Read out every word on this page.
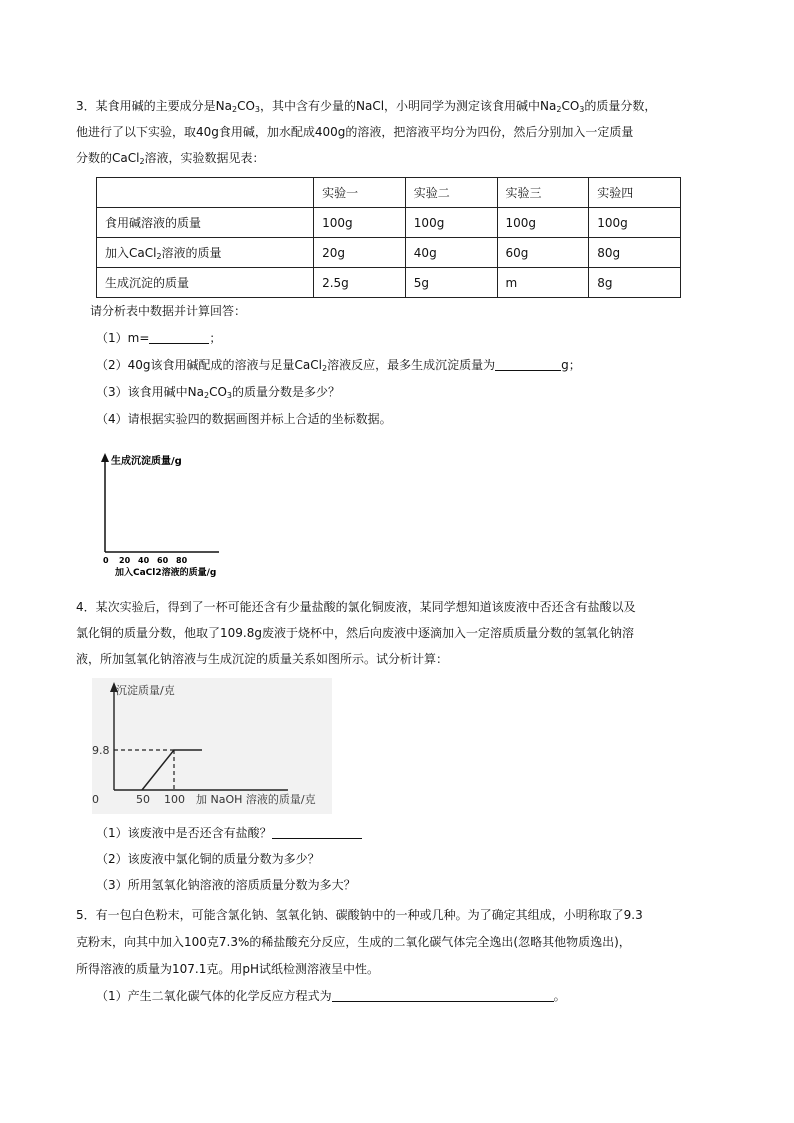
3．某食用碱的主要成分是$Na_2CO_3$，其中含有少量的NaCl，小明同学为测定该食用碱中$Na_2CO_3$的质量分数，
他进行了以下实验，取40g食用碱，加水配成400g的溶液，把溶液平均分为四份，然后分别加入一定质量
分数的CaCl$_2$溶液，实验数据见表：
	实验一	实验二	实验三	实验四
食用碱溶液的质量	100g	100g	100g	100g
加入CaCl$_2$溶液的质量	20g	40g	60g	80g
生成沉淀的质量	2.5g	5g	m	8g
请分析表中数据并计算回答：
（1）m=	；
（2）40g该食用碱配成的溶液与足量CaCl$_2$溶液反应，最多生成沉淀质量为	g；
（3）该食用碱中$Na_2CO_3$的质量分数是多少？
（4）请根据实验四的数据画图并标上合适的坐标数据。
生成沉淀质量/g
0 20 40 60 80
加入CaCl2溶液的质量/g
4．某次实验后，得到了一杯可能还含有少量盐酸的氯化铜废液，某同学想知道该废液中否还含有盐酸以及
氯化铜的质量分数，他取了109.8g废液于烧杯中，然后向废液中逐滴加入一定溶质质量分数的氢氧化钠溶
液，所加氢氧化钠溶液与生成沉淀的质量关系如图所示。试分析计算：
沉淀质量/克
9.8
0	50 100 加 NaOH 溶液的质量/克
（1）该废液中是否还含有盐酸？
（2）该废液中氯化铜的质量分数为多少？
（3）所用氢氧化钠溶液的溶质质量分数为多大？
5．有一包白色粉末，可能含氯化钠、氢氧化钠、碳酸钠中的一种或几种。为了确定其组成，小明称取了9.3
克粉末，向其中加入100克7.3%的稀盐酸充分反应，生成的二氧化碳气体完全逸出(忽略其他物质逸出)，
所得溶液的质量为107.1克。用pH试纸检测溶液呈中性。
（1）产生二氧化碳气体的化学反应方程式为	。
